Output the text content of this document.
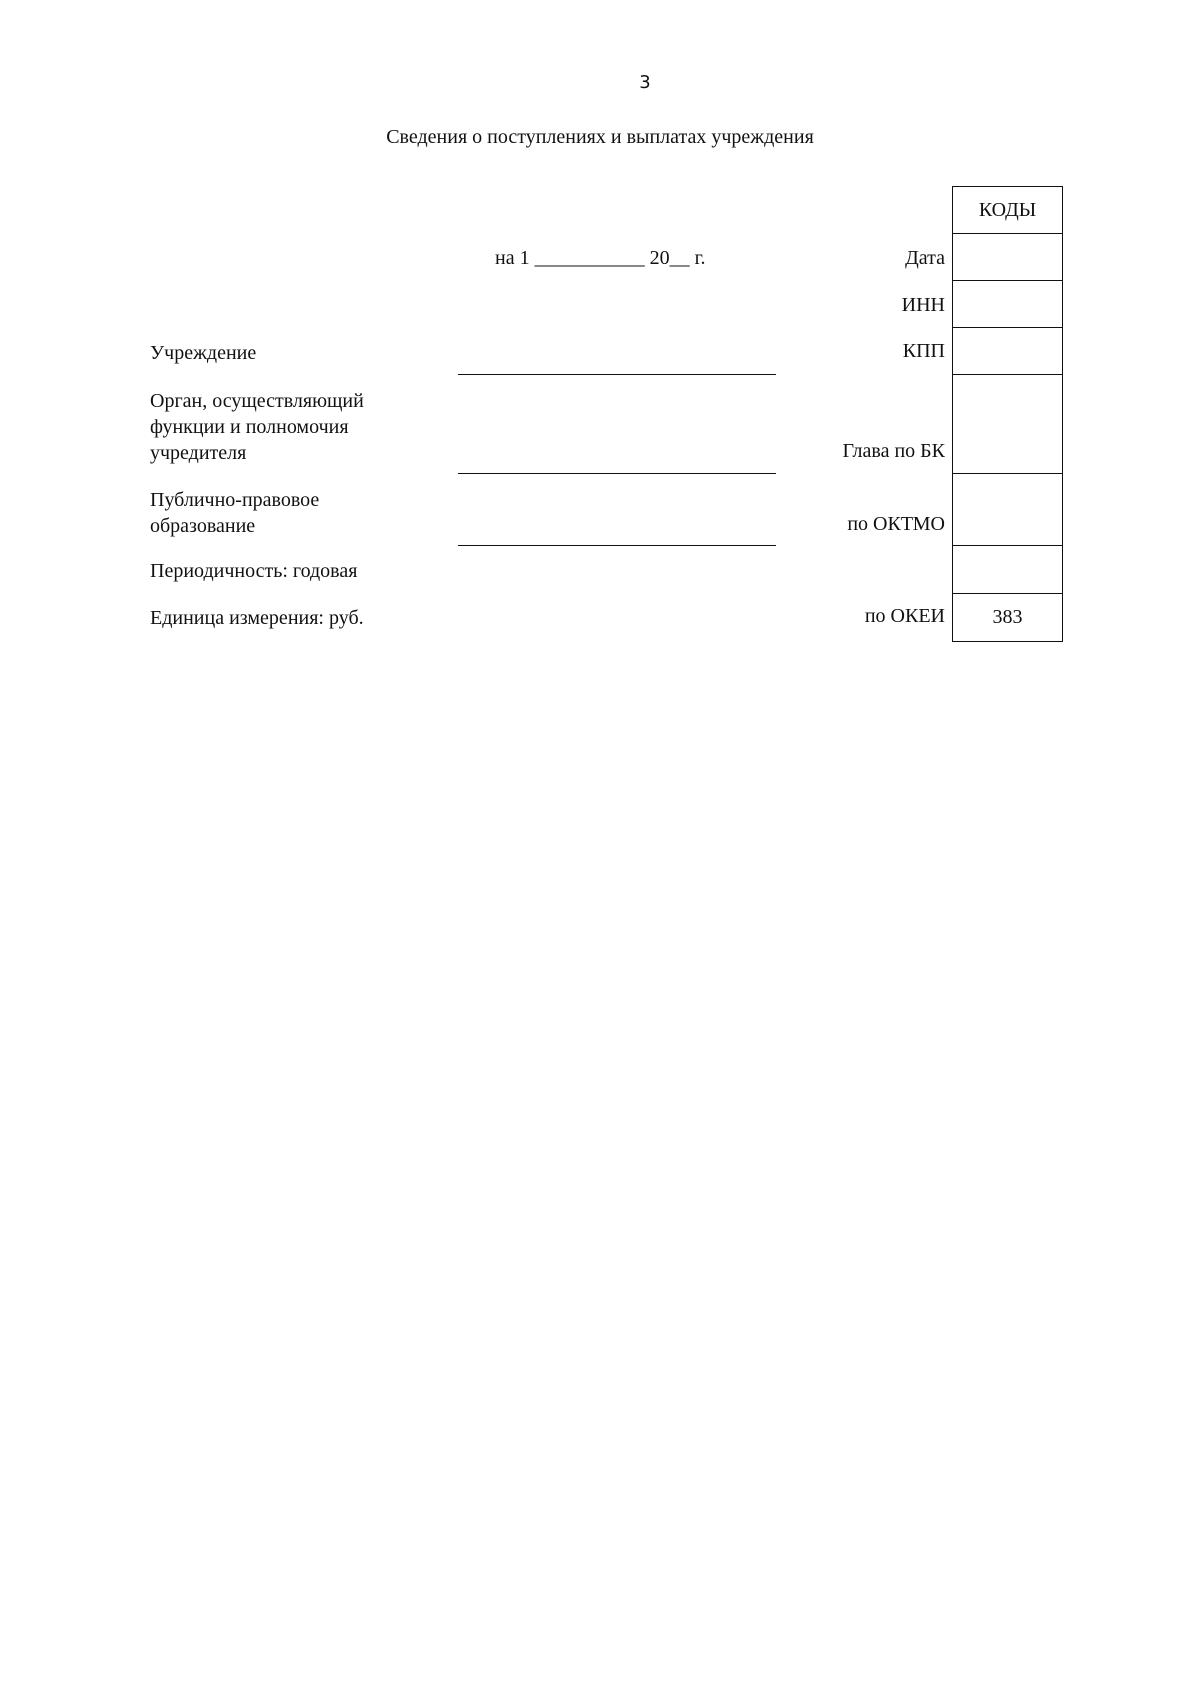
3
Сведения о поступлениях и выплатах учреждения
на 1 ___________ 20__ г.
Учреждение
Орган, осуществляющий
функции и полномочия
учредителя
Публично-правовое
образование
Периодичность: годовая
Единица измерения: руб.
Дата
ИНН
КПП
Глава по БК
по ОКТМО
по ОКЕИ
КОДЫ
383
